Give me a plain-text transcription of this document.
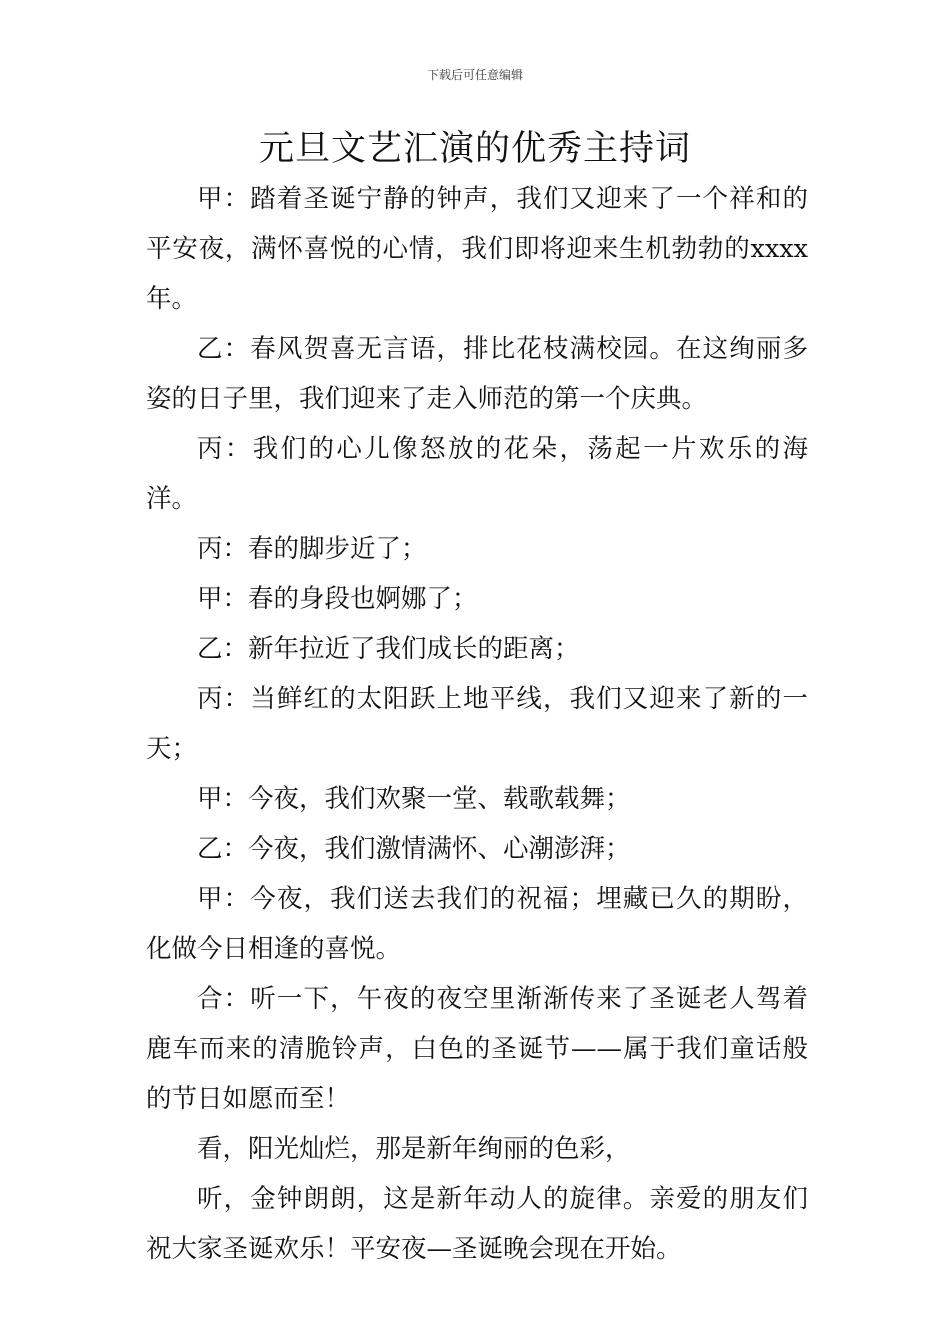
下载后可任意编辑
元旦文艺汇演的优秀主持词

甲：踏着圣诞宁静的钟声，我们又迎来了一个祥和的平安夜，满怀喜悦的心情，我们即将迎来生机勃勃的xxxx年。

乙：春风贺喜无言语，排比花枝满校园。在这绚丽多姿的日子里，我们迎来了走入师范的第一个庆典。

丙：我们的心儿像怒放的花朵，荡起一片欢乐的海洋。

丙：春的脚步近了；

甲：春的身段也婀娜了；

乙：新年拉近了我们成长的距离；

丙：当鲜红的太阳跃上地平线，我们又迎来了新的一天；

甲：今夜，我们欢聚一堂、载歌载舞；

乙：今夜，我们激情满怀、心潮澎湃；

甲：今夜，我们送去我们的祝福；埋藏已久的期盼，化做今日相逢的喜悦。

合：听一下，午夜的夜空里渐渐传来了圣诞老人驾着鹿车而来的清脆铃声，白色的圣诞节——属于我们童话般的节日如愿而至！

看，阳光灿烂，那是新年绚丽的色彩，

听，金钟朗朗，这是新年动人的旋律。亲爱的朋友们祝大家圣诞欢乐！平安夜—圣诞晚会现在开始。
